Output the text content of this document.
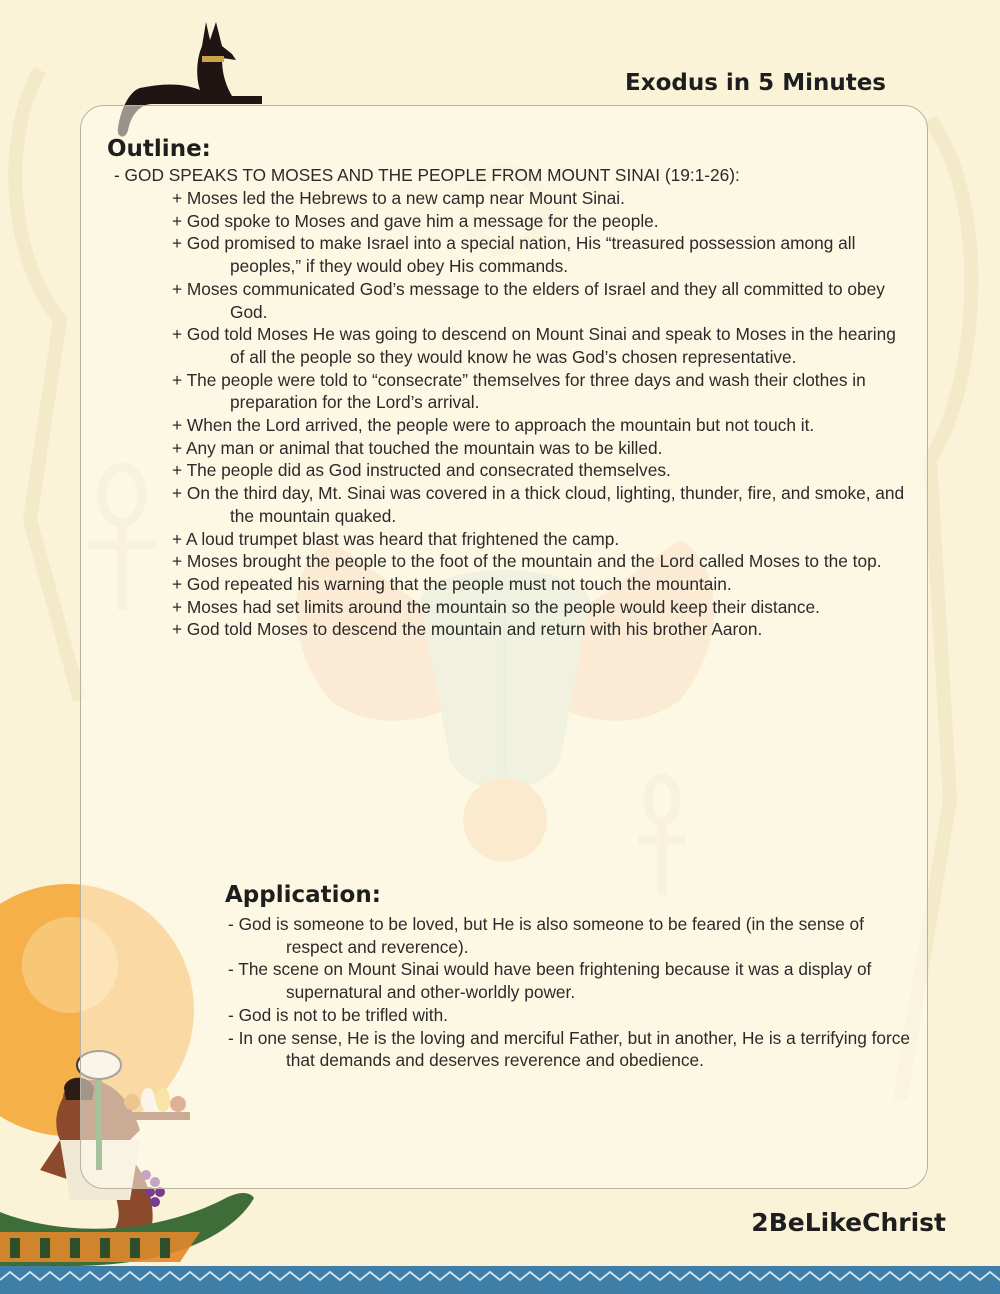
Exodus in 5 Minutes
Outline:

- GOD SPEAKS TO MOSES AND THE PEOPLE FROM MOUNT SINAI (19:1-26):

+ Moses led the Hebrews to a new camp near Mount Sinai.
+ God spoke to Moses and gave him a message for the people.
+ God promised to make Israel into a special nation, His “treasured possession among all peoples,” if they would obey His commands.
+ Moses communicated God’s message to the elders of Israel and they all committed to obey God.
+ God told Moses He was going to descend on Mount Sinai and speak to Moses in the hearing of all the people so they would know he was God’s chosen representative.
+ The people were told to “consecrate” themselves for three days and wash their clothes in preparation for the Lord’s arrival.
+ When the Lord arrived, the people were to approach the mountain but not touch it.
+ Any man or animal that touched the mountain was to be killed.
+ The people did as God instructed and consecrated themselves.
+ On the third day, Mt. Sinai was covered in a thick cloud, lighting, thunder, fire, and smoke, and the mountain quaked.
+ A loud trumpet blast was heard that frightened the camp.
+ Moses brought the people to the foot of the mountain and the Lord called Moses to the top.
+ God repeated his warning that the people must not touch the mountain.
+ Moses had set limits around the mountain so the people would keep their distance.
+ God told Moses to descend the mountain and return with his brother Aaron.
Application:
- God is someone to be loved, but He is also someone to be feared (in the sense of respect and reverence).
- The scene on Mount Sinai would have been frightening because it was a display of supernatural and other-worldly power.
- God is not to be trifled with.
- In one sense, He is the loving and merciful Father, but in another, He is a terrifying force that demands and deserves reverence and obedience.
2BeLikeChrist
